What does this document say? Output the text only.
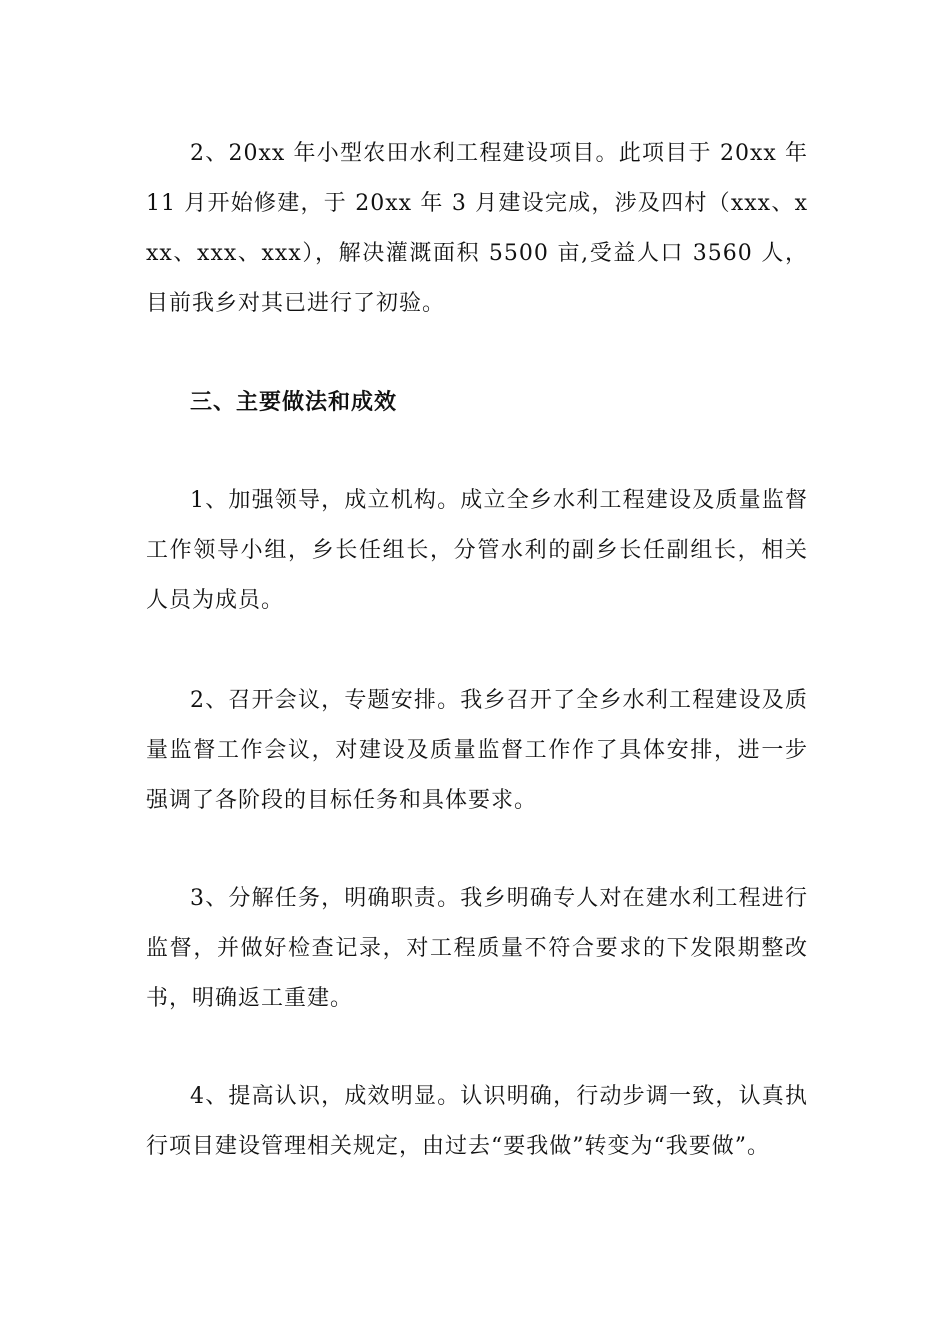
2、20xx 年小型农田水利工程建设项目。此项目于 20xx 年 11 月开始修建，于 20xx 年 3 月建设完成，涉及四村（xxx、xxx、xxx、xxx），解决灌溉面积 5500 亩,受益人口 3560 人，目前我乡对其已进行了初验。

三、主要做法和成效

1、加强领导，成立机构。成立全乡水利工程建设及质量监督工作领导小组，乡长任组长，分管水利的副乡长任副组长，相关人员为成员。

2、召开会议，专题安排。我乡召开了全乡水利工程建设及质量监督工作会议，对建设及质量监督工作作了具体安排，进一步强调了各阶段的目标任务和具体要求。

3、分解任务，明确职责。我乡明确专人对在建水利工程进行监督，并做好检查记录，对工程质量不符合要求的下发限期整改书，明确返工重建。

4、提高认识，成效明显。认识明确，行动步调一致，认真执行项目建设管理相关规定，由过去“要我做”转变为“我要做”。
